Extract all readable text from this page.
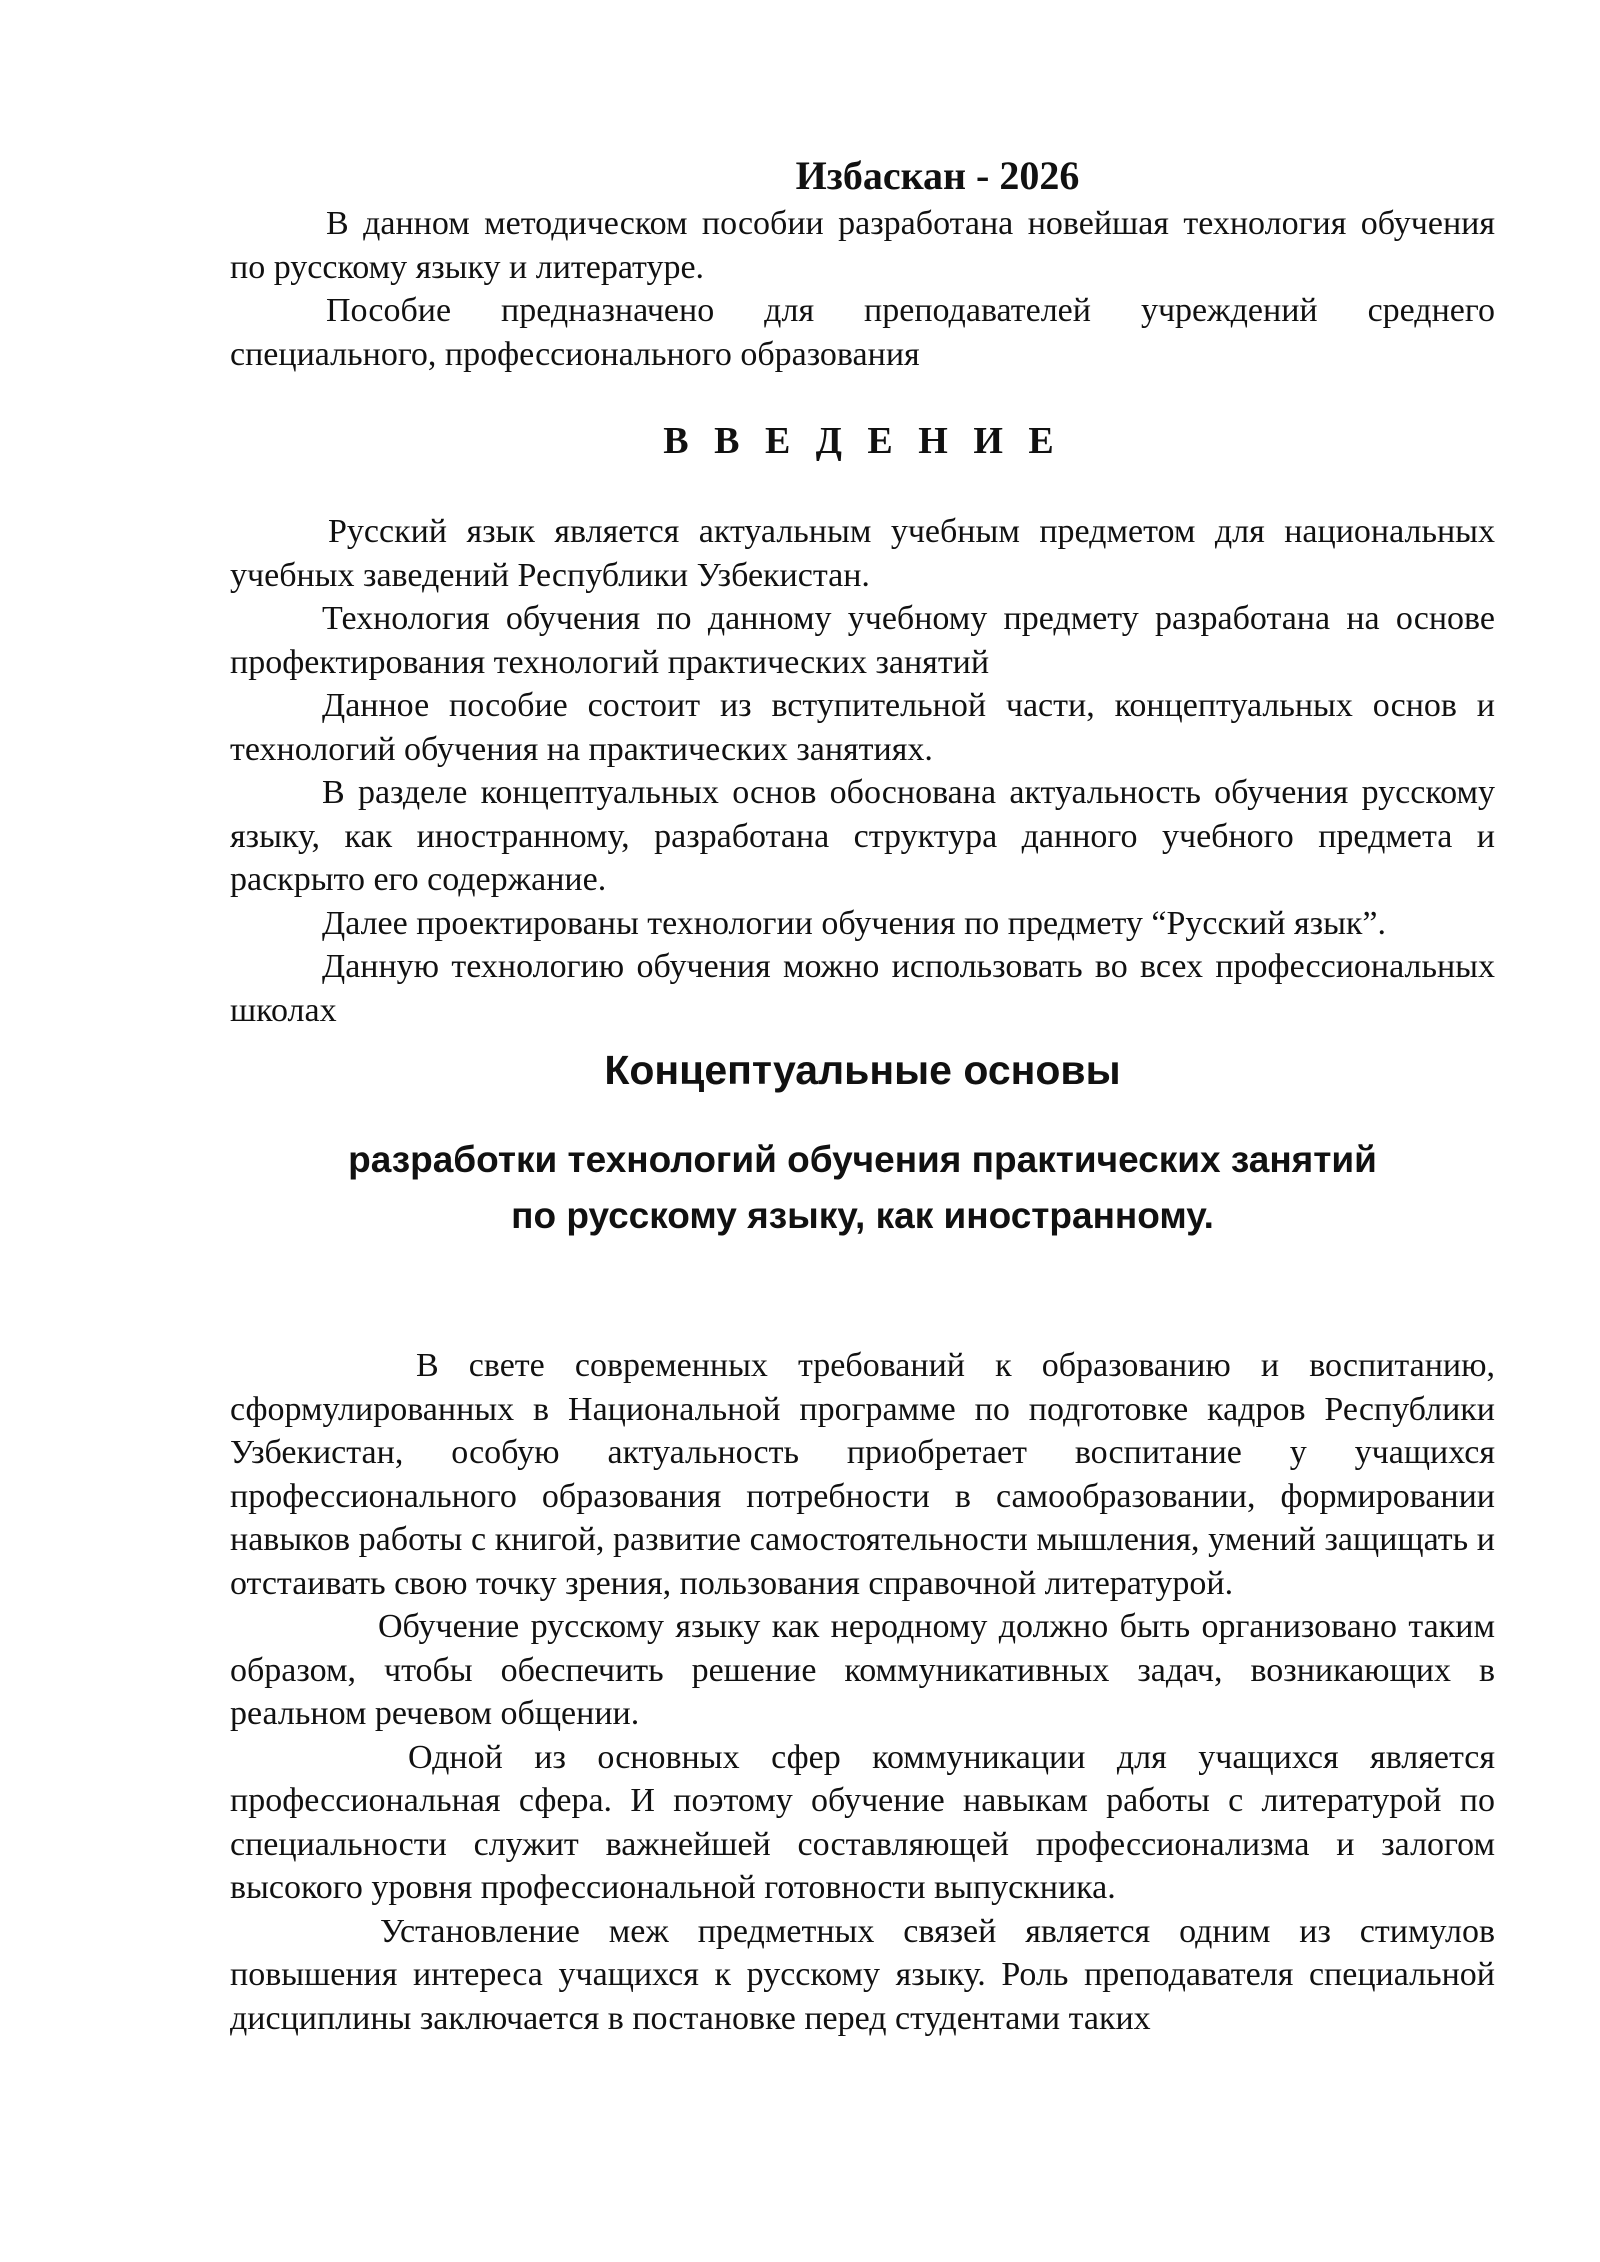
Избаскан - 2026

В данном методическом пособии разработана новейшая технология обучения по русскому языку и литературе.

Пособие предназначено для преподавателей учреждений среднего специального, профессионального образования

В В Е Д Е Н И Е

Русский язык является актуальным учебным предметом для национальных учебных заведений Республики Узбекистан.

Технология обучения по данному учебному предмету разработана на основе профектирования технологий практических занятий

Данное пособие состоит из вступительной части, концептуальных основ и технологий обучения на практических занятиях.

В разделе концептуальных основ обоснована актуальность обучения русскому языку, как иностранному, разработана структура данного учебного предмета и раскрыто его содержание.

Далее проектированы технологии обучения по предмету “Русский язык”.

Данную технологию обучения можно использовать во всех профессиональных школах

Концептуальные основы
разработки технологий обучения практических занятий
по русскому языку, как иностранному.

В свете современных требований к образованию и воспитанию, сформулированных в Национальной программе по подготовке кадров Республики Узбекистан, особую актуальность приобретает воспитание у учащихся профессионального образования потребности в самообразовании, формировании навыков работы с книгой, развитие самостоятельности мышления, умений защищать и отстаивать свою точку зрения, пользования справочной литературой.

Обучение русскому языку как неродному должно быть организовано таким образом, чтобы обеспечить решение коммуникативных задач, возникающих в реальном речевом общении.

Одной из основных сфер коммуникации для учащихся является профессиональная сфера. И поэтому обучение навыкам работы с литературой по специальности служит важнейшей составляющей профессионализма и залогом высокого уровня профессиональной готовности выпускника.

Установление меж предметных связей является одним из стимулов повышения интереса учащихся к русскому языку. Роль преподавателя специальной дисциплины заключается в постановке перед студентами таких
